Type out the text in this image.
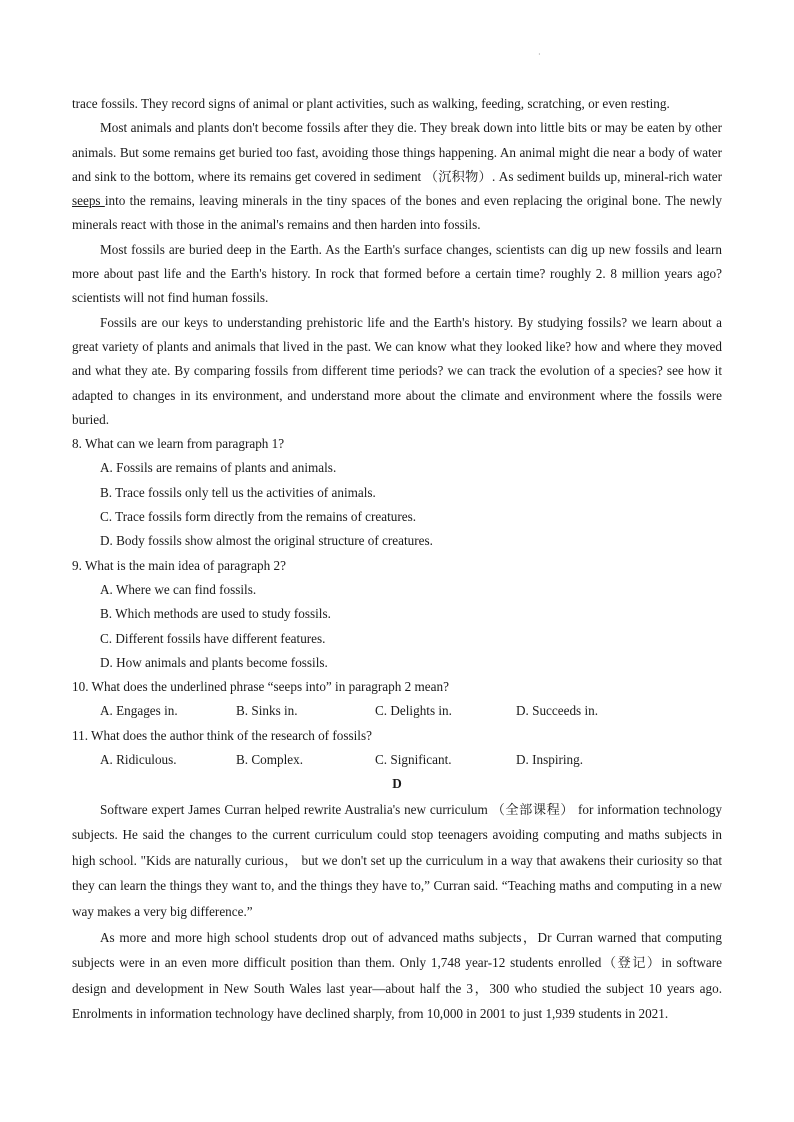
·

trace fossils. They record signs of animal or plant activities, such as walking, feeding, scratching, or even resting.

Most animals and plants don't become fossils after they die. They break down into little bits or may be eaten by other animals. But some remains get buried too fast, avoiding those things happening. An animal might die near a body of water and sink to the bottom, where its remains get covered in sediment （沉积物）. As sediment builds up, mineral-rich water seeps into the remains, leaving minerals in the tiny spaces of the bones and even replacing the original bone. The newly minerals react with those in the animal's remains and then harden into fossils.

Most fossils are buried deep in the Earth. As the Earth's surface changes, scientists can dig up new fossils and learn more about past life and the Earth's history. In rock that formed before a certain time? roughly 2. 8 million years ago? scientists will not find human fossils.

Fossils are our keys to understanding prehistoric life and the Earth's history. By studying fossils? we learn about a great variety of plants and animals that lived in the past. We can know what they looked like? how and where they moved and what they ate. By comparing fossils from different time periods? we can track the evolution of a species? see how it adapted to changes in its environment, and understand more about the climate and environment where the fossils were buried.

8. What can we learn from paragraph 1?
A. Fossils are remains of plants and animals.
B. Trace fossils only tell us the activities of animals.
C. Trace fossils form directly from the remains of creatures.
D. Body fossils show almost the original structure of creatures.
9. What is the main idea of paragraph 2?
A. Where we can find fossils.
B. Which methods are used to study fossils.
C. Different fossils have different features.
D. How animals and plants become fossils.
10. What does the underlined phrase “seeps into” in paragraph 2 mean?
A. Engages in.	B. Sinks in.	C. Delights in.	D. Succeeds in.
11. What does the author think of the research of fossils?
A. Ridiculous.	B. Complex.	C. Significant.	D. Inspiring.
D

Software expert James Curran helped rewrite Australia's new curriculum （全部课程） for information technology subjects. He said the changes to the current curriculum could stop teenagers avoiding computing and maths subjects in high school. "Kids are naturally curious， but we don't set up the curriculum in a way that awakens their curiosity so that they can learn the things they want to, and the things they have to,” Curran said. “Teaching maths and computing in a new way makes a very big difference.”

As more and more high school students drop out of advanced maths subjects，Dr Curran warned that computing subjects were in an even more difficult position than them. Only 1,748 year-12 students enrolled（登记）in software design and development in New South Wales last year—about half the 3，300 who studied the subject 10 years ago. Enrolments in information technology have declined sharply, from 10,000 in 2001 to just 1,939 students in 2021.
